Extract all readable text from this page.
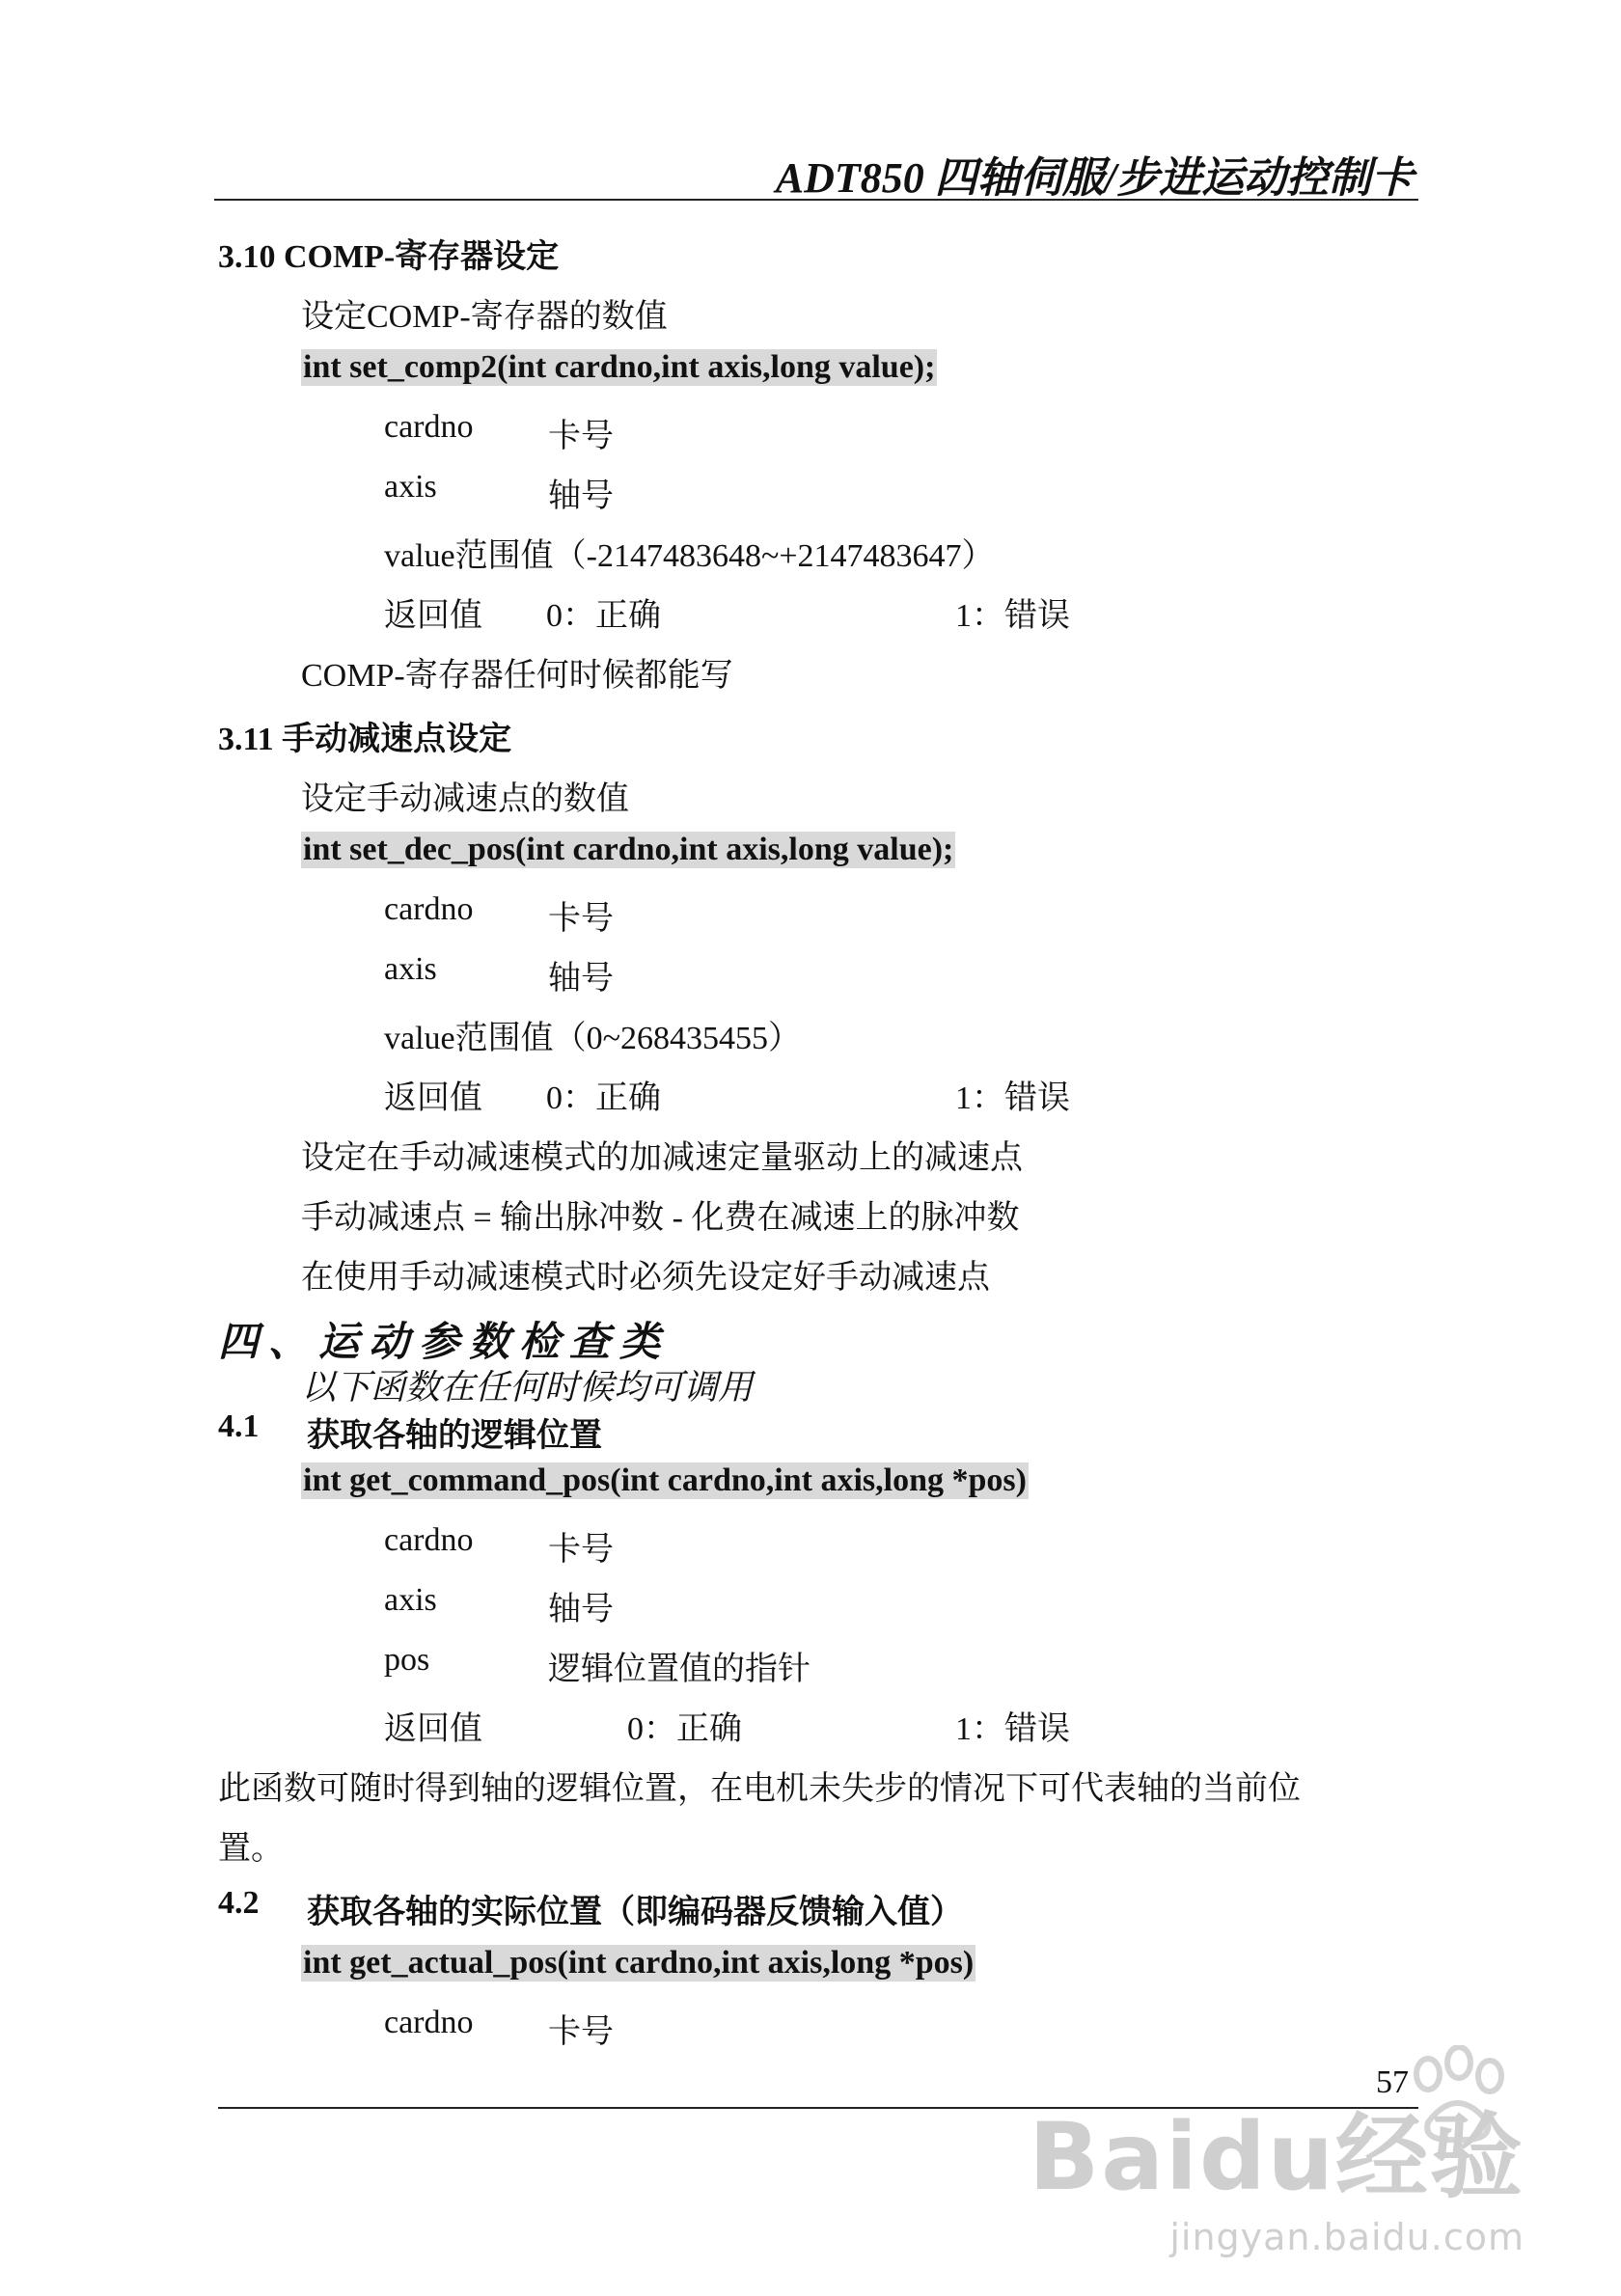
ADT850 四轴伺服/步进运动控制卡
3.10 COMP-寄存器设定
设定COMP-寄存器的数值
int set_comp2(int cardno,int axis,long value);
cardno 卡号
axis	轴号
value范围值（-2147483648~+2147483647）
返回值 0：正确	1：错误
COMP-寄存器任何时候都能写
3.11 手动减速点设定
设定手动减速点的数值
int set_dec_pos(int cardno,int axis,long value);
cardno 卡号
axis	轴号
value范围值（0~268435455）
返回值 0：正确	1：错误
设定在手动减速模式的加减速定量驱动上的减速点
手动减速点 = 输出脉冲数 - 化费在减速上的脉冲数
在使用手动减速模式时必须先设定好手动减速点
四、运动参数检查类
以下函数在任何时候均可调用
4.1 获取各轴的逻辑位置
int get_command_pos(int cardno,int axis,long *pos)
cardno 卡号
axis	轴号
pos	逻辑位置值的指针
返回值	0：正确	1：错误
此函数可随时得到轴的逻辑位置，在电机未失步的情况下可代表轴的当前位
置。
4.2 获取各轴的实际位置（即编码器反馈输入值）
int get_actual_pos(int cardno,int axis,long *pos)
cardno 卡号
57
Baidu经验
jingyan.baidu.com
